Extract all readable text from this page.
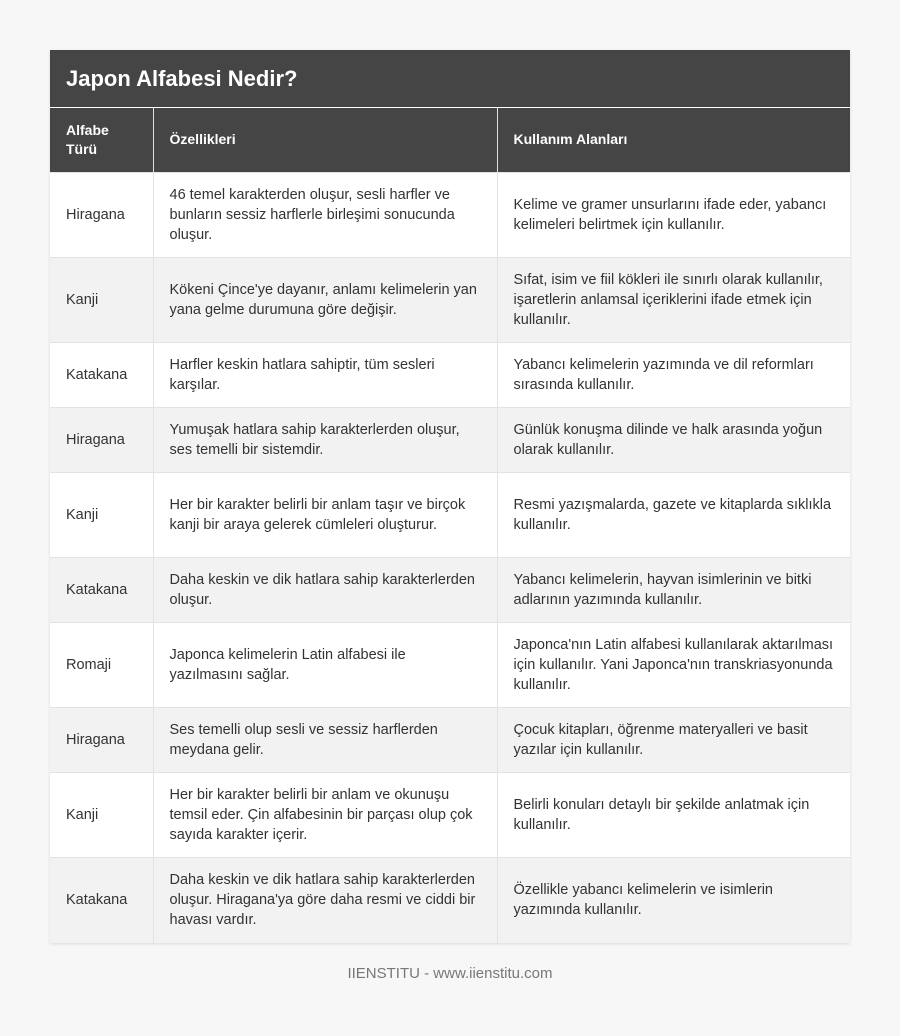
Japon Alfabesi Nedir?
Alfabe Türü	Özellikleri	Kullanım Alanları
Hiragana	46 temel karakterden oluşur, sesli harfler ve bunların sessiz harflerle birleşimi sonucunda oluşur.	Kelime ve gramer unsurlarını ifade eder, yabancı kelimeleri belirtmek için kullanılır.
Kanji	Kökeni Çince'ye dayanır, anlamı kelimelerin yan yana gelme durumuna göre değişir.	Sıfat, isim ve fiil kökleri ile sınırlı olarak kullanılır, işaretlerin anlamsal içeriklerini ifade etmek için kullanılır.
Katakana	Harfler keskin hatlara sahiptir, tüm sesleri karşılar.	Yabancı kelimelerin yazımında ve dil reformları sırasında kullanılır.
Hiragana	Yumuşak hatlara sahip karakterlerden oluşur, ses temelli bir sistemdir.	Günlük konuşma dilinde ve halk arasında yoğun olarak kullanılır.
Kanji	Her bir karakter belirli bir anlam taşır ve birçok kanji bir araya gelerek cümleleri oluşturur.	Resmi yazışmalarda, gazete ve kitaplarda sıklıkla kullanılır.
Katakana	Daha keskin ve dik hatlara sahip karakterlerden oluşur.	Yabancı kelimelerin, hayvan isimlerinin ve bitki adlarının yazımında kullanılır.
Romaji	Japonca kelimelerin Latin alfabesi ile yazılmasını sağlar.	Japonca'nın Latin alfabesi kullanılarak aktarılması için kullanılır. Yani Japonca'nın transkriasyonunda kullanılır.
Hiragana	Ses temelli olup sesli ve sessiz harflerden meydana gelir.	Çocuk kitapları, öğrenme materyalleri ve basit yazılar için kullanılır.
Kanji	Her bir karakter belirli bir anlam ve okunuşu temsil eder. Çin alfabesinin bir parçası olup çok sayıda karakter içerir.	Belirli konuları detaylı bir şekilde anlatmak için kullanılır.
Katakana	Daha keskin ve dik hatlara sahip karakterlerden oluşur. Hiragana'ya göre daha resmi ve ciddi bir havası vardır.	Özellikle yabancı kelimelerin ve isimlerin yazımında kullanılır.
IIENSTITU - www.iienstitu.com
